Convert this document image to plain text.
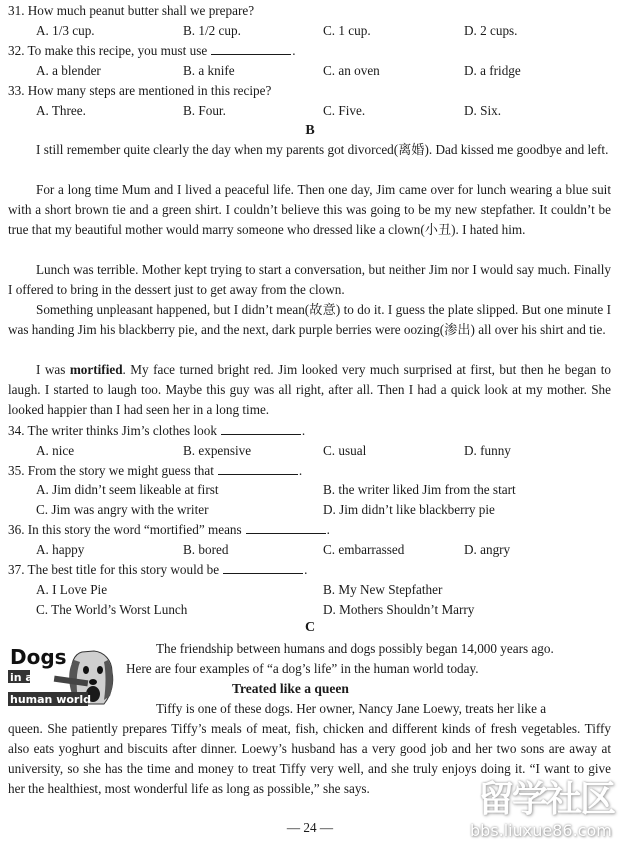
31. How much peanut butter shall we prepare?
A. 1/3 cup.	B. 1/2 cup.	C. 1 cup.	D. 2 cups.
32. To make this recipe, you must use	.
A. a blender	B. a knife	C. an oven	D. a fridge
33. How many steps are mentioned in this recipe?
A. Three.	B. Four.	C. Five.	D. Six.
B

I still remember quite clearly the day when my parents got divorced(离婚). Dad kissed me goodbye and left.

For a long time Mum and I lived a peaceful life. Then one day, Jim came over for lunch wearing a blue suit with a short brown tie and a green shirt. I couldn’t believe this was going to be my new stepfather. It couldn’t be true that my beautiful mother would marry someone who dressed like a clown(小丑). I hated him.

Lunch was terrible. Mother kept trying to start a conversation, but neither Jim nor I would say much. Finally I offered to bring in the dessert just to get away from the clown.

Something unpleasant happened, but I didn’t mean(故意) to do it. I guess the plate slipped. But one minute I was handing Jim his blackberry pie, and the next, dark purple berries were oozing(渗出) all over his shirt and tie.

I was mortified. My face turned bright red. Jim looked very much surprised at first, but then he began to laugh. I started to laugh too. Maybe this guy was all right, after all. Then I had a quick look at my mother. She looked happier than I had seen her in a long time.

34. The writer thinks Jim’s clothes look	.
A. nice	B. expensive	C. usual	D. funny
35. From the story we might guess that	.
A. Jim didn’t seem likeable at first	B. the writer liked Jim from the start
C. Jim was angry with the writer	D. Jim didn’t like blackberry pie
36. In this story the word “mortified” means	.
A. happy	B. bored	C. embarrassed	D. angry
37. The best title for this story would be	.
A. I Love Pie	B. My New Stepfather
C. The World’s Worst Lunch	D. Mothers Shouldn’t Marry
C
Dogs
in a
human world
The friendship between humans and dogs possibly began 14,000 years ago.
Here are four examples of “a dog’s life” in the human world today.
Treated like a queen
Tiffy is one of these dogs. Her owner, Nancy Jane Loewy, treats her like a

queen. She patiently prepares Tiffy’s meals of meat, fish, chicken and different kinds of fresh vegetables. Tiffy also eats yoghurt and biscuits after dinner. Loewy’s husband has a very good job and her two sons are away at university, so she has the time and money to treat Tiffy very well, and she truly enjoys doing it. “I want to give her the healthiest, most wonderful life as long as possible,” she says.

— 24 —
留学社区
bbs.liuxue86.com
